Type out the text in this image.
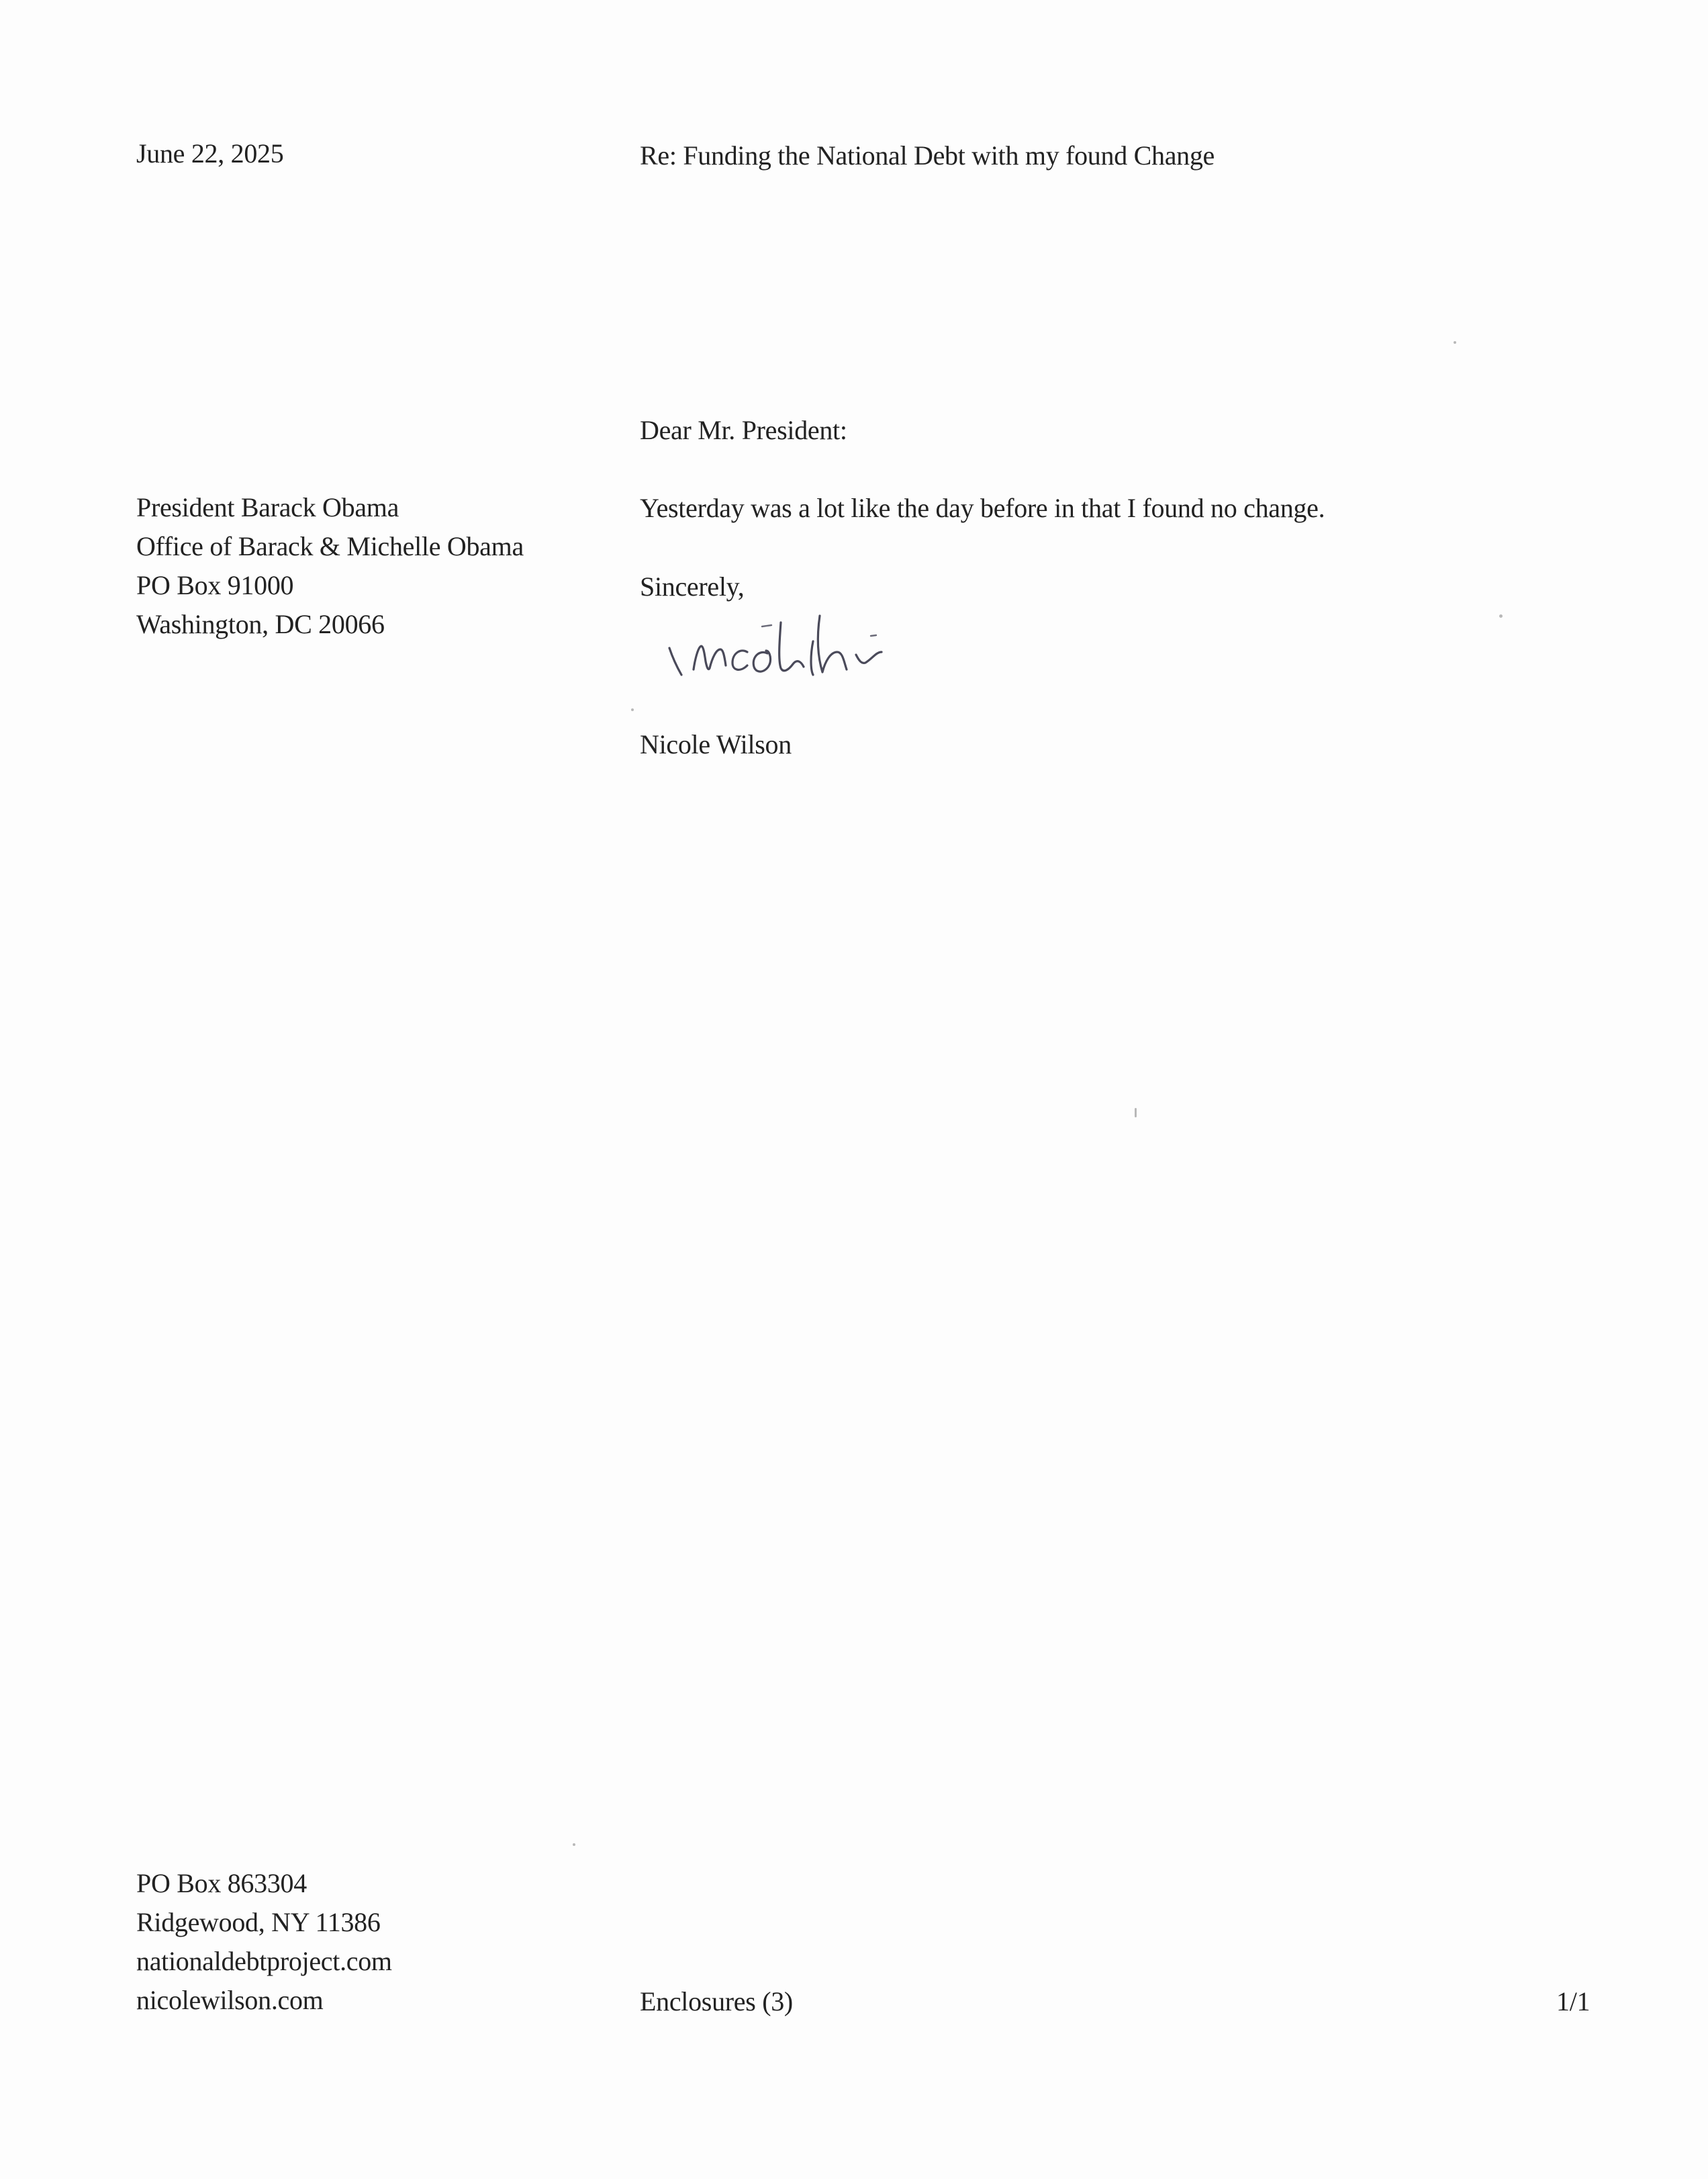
June 22, 2025	Re: Funding the National Debt with my found Change
Dear Mr. President:
President Barack Obama
Office of Barack & Michelle Obama
PO Box 91000
Washington, DC 20066
Yesterday was a lot like the day before in that I found no change.
Sincerely,
Nicole Wilson
PO Box 863304
Ridgewood, NY 11386
nationaldebtproject.com
nicolewilson.com	Enclosures (3)	1/1
